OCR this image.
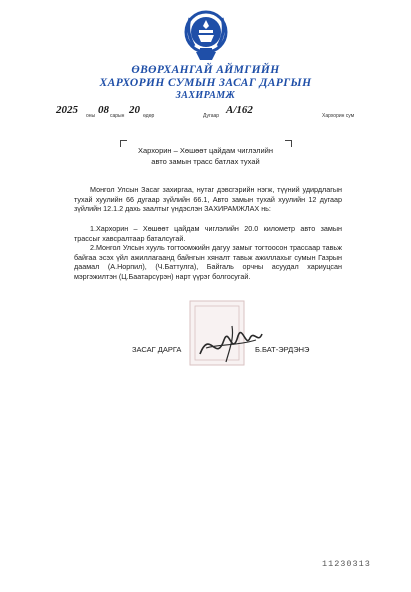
ӨВӨРХАНГАЙ АЙМГИЙН
ХАРХОРИН СУМЫН ЗАСАГ ДАРГЫН
ЗАХИРАМЖ
2025 оны 08 сарын 20 өдөр	Дугаар А/162	Хархорин сум
Хархорин – Хөшөөт цайдам чиглэлийн
авто замын трасс батлах тухай
Монгол Улсын Засаг захиргаа, нутаг дэвсгэрийн нэгж, түүний удирдлагын тухай хуулийн 66 дугаар зүйлийн 66.1, Авто замын тухай хуулийн 12 дугаар зүйлийн 12.1.2 дахь заалтыг үндэслэн ЗАХИРАМЖЛАХ нь:
1.Хархорин – Хөшөөт цайдам чиглэлийн 20.0 километр авто замын трассыг хавсралтаар баталсугай.
2.Монгол Улсын хууль тогтоомжийн дагуу замыг тогтоосон трассаар тавьж байгаа эсэх үйл ажиллагаанд байнгын хяналт тавьж ажиллахыг сумын Газрын даамал (А.Норпил), (Ч.Баттулга), Байгаль орчны асуудал хариуцсан мэргэжилтэн (Ц.Баатарсүрэн) нарт үүрэг болгосугай.
ЗАСАГ ДАРГА	Б.БАТ-ЭРДЭНЭ
11230313
